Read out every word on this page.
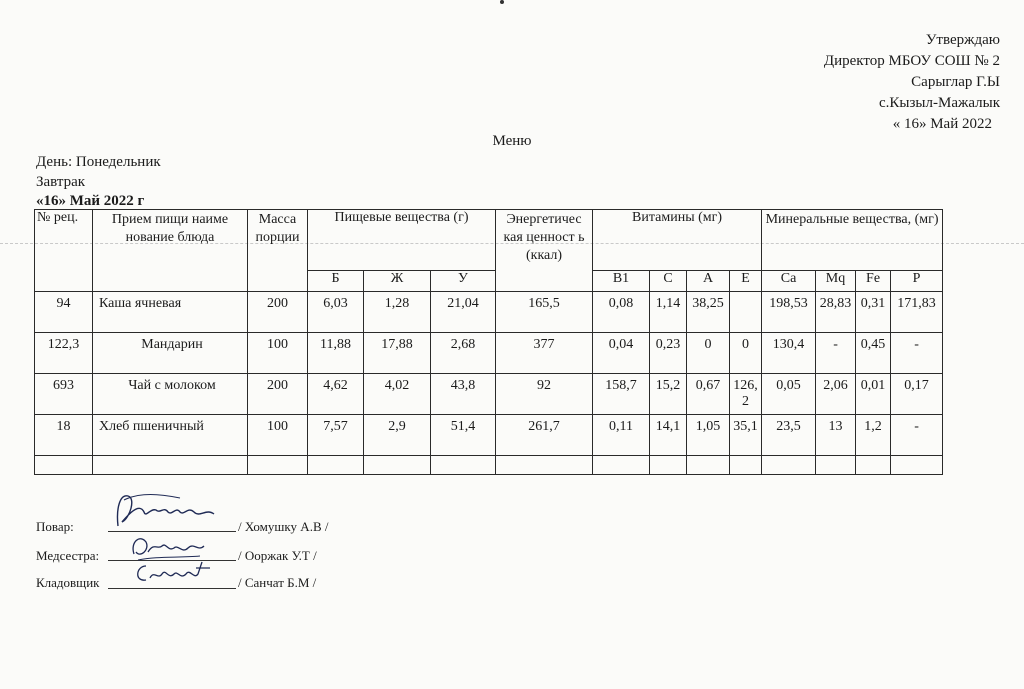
Утверждаю
Директор МБОУ СОШ № 2
Сарыглар Г.Ы
с.Кызыл-Мажалык
« 16» Май 2022
Меню
День: Понедельник
Завтрак
«16» Май 2022 г
№ рец.	Прием пищи наиме нование блюда	Масса порции	Пищевые вещества (г)			Энергетичес кая ценност ь (ккал)	Витамины (мг)				Минеральные вещества, (мг)			
			Б	Ж	У		В1	С	А	Е	Са	Мq	Fe	Р
94	Каша ячневая	200	6,03	1,28	21,04	165,5	0,08	1,14	38,25		198,53	28,83	0,31	171,83
122,3	Мандарин	100	11,88	17,88	2,68	377	0,04	0,23	0	0	130,4	-	0,45	-
693	Чай с молоком	200	4,62	4,02	43,8	92	158,7	15,2	0,67	126,2	0,05	2,06	0,01	0,17
18	Хлеб пшеничный	100	7,57	2,9	51,4	261,7	0,11	14,1	1,05	35,1	23,5	13	1,2	-

Повар:	/ Хомушку А.В /
Медсестра:	/ Ооржак У.Т /
Кладовщик	/ Санчат Б.М /
